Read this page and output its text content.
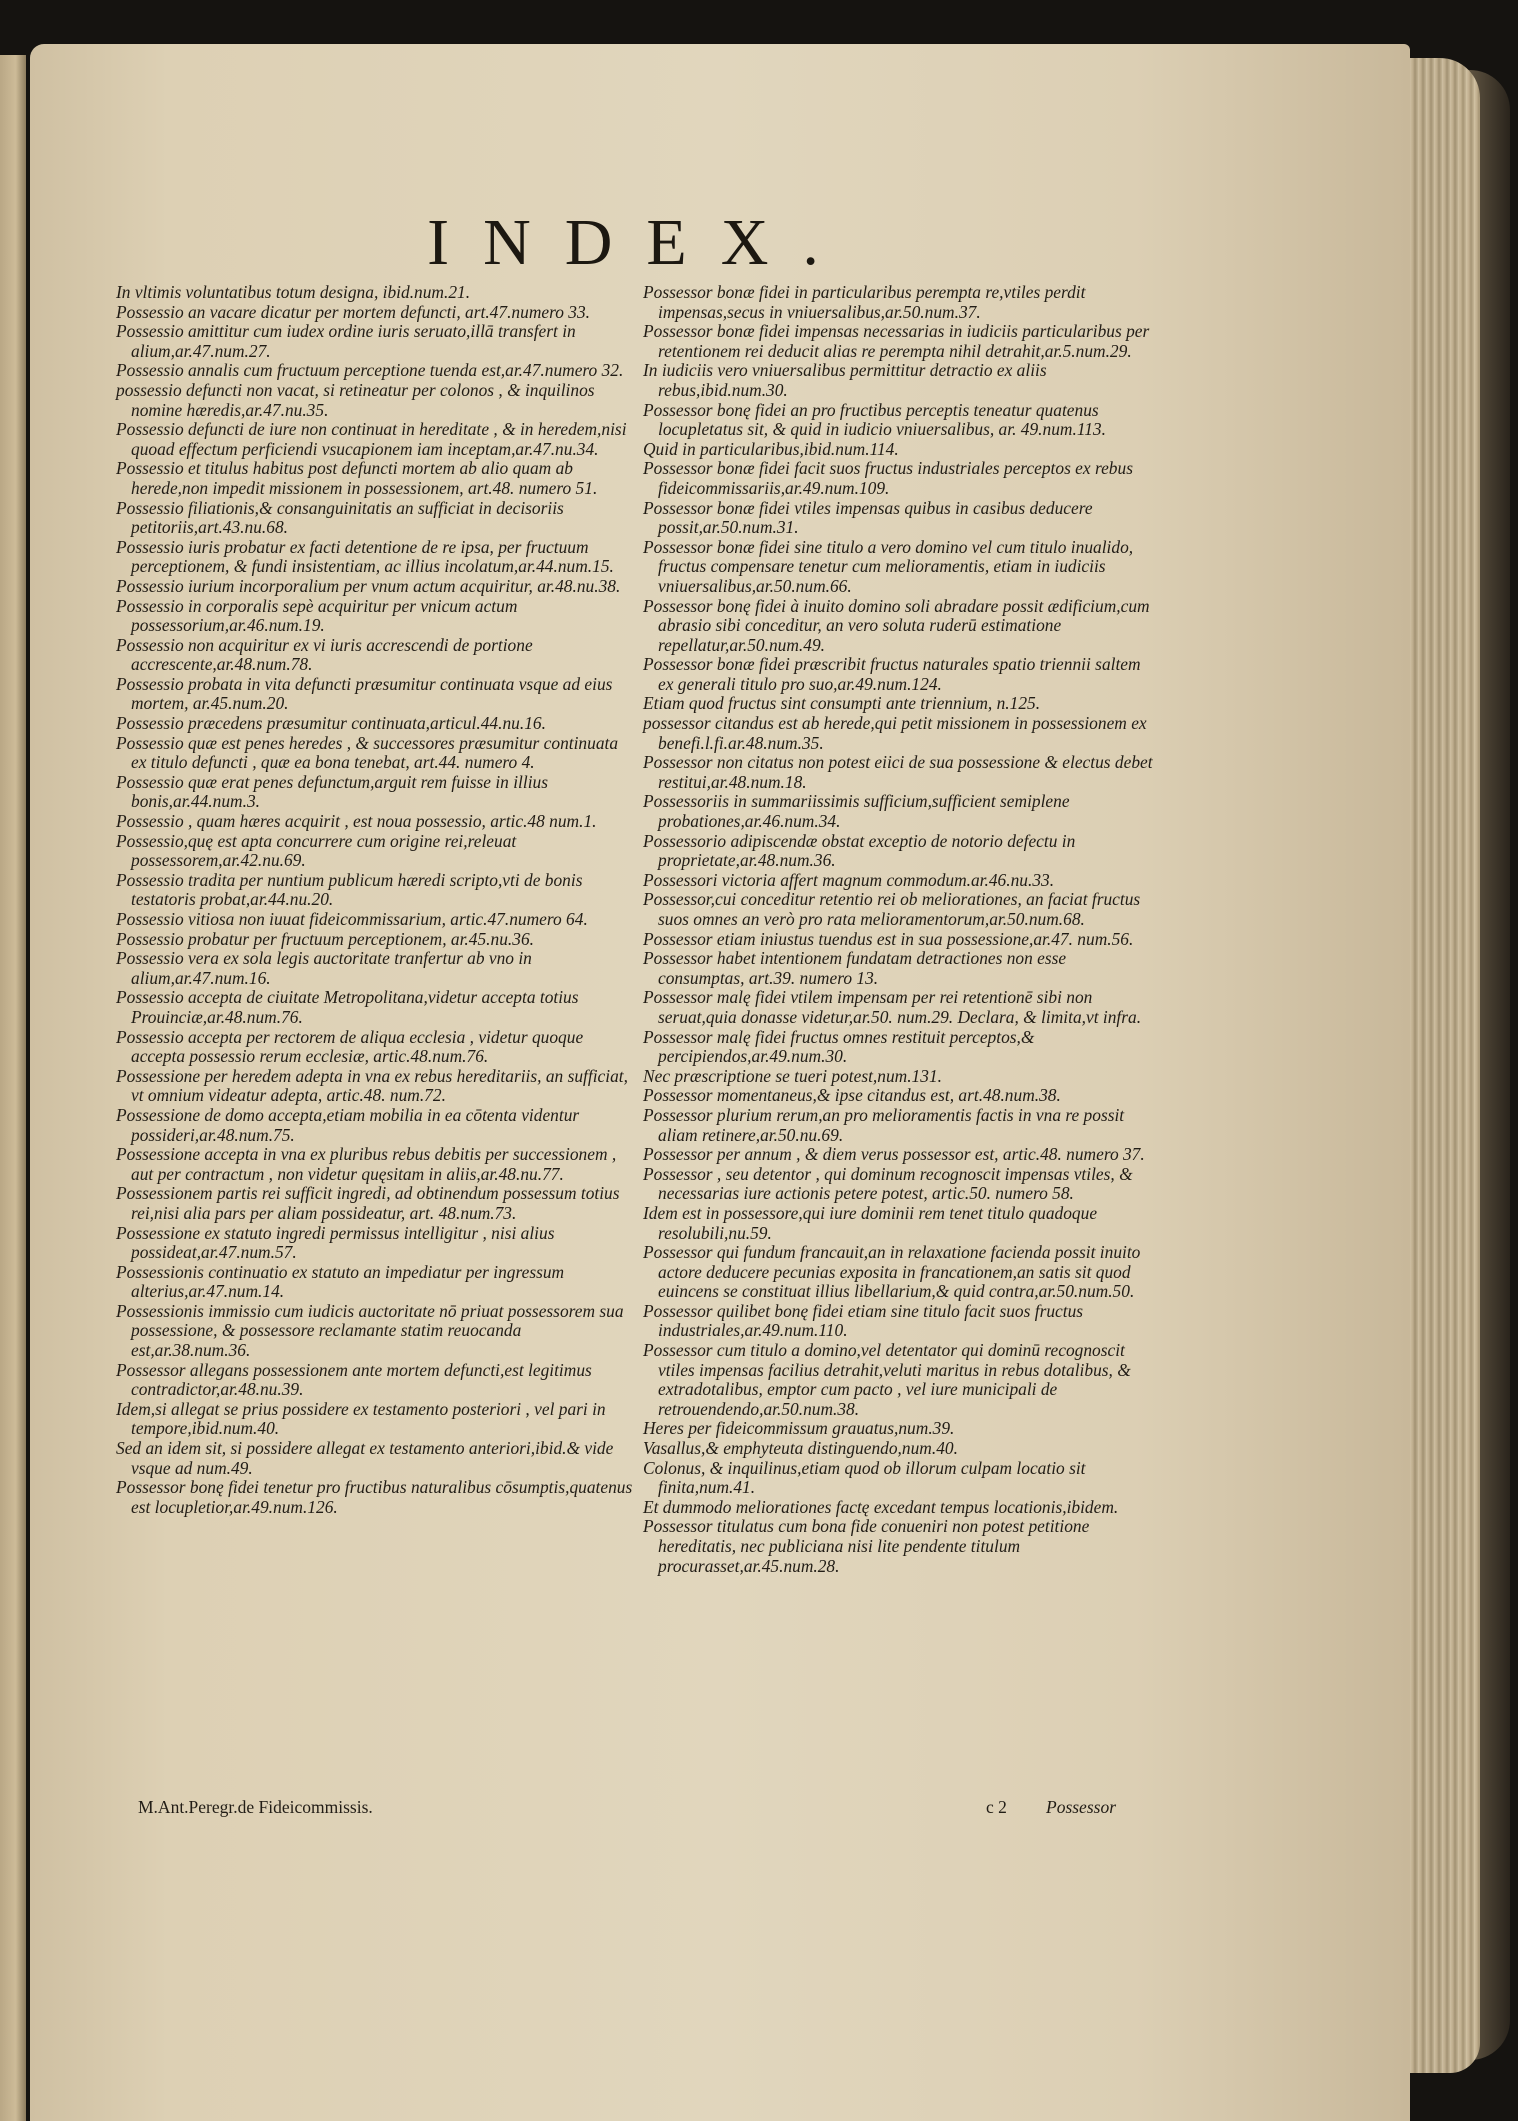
INDEX.

In vltimis voluntatibus totum designa, ibid.num.21.

Possessio an vacare dicatur per mortem defuncti, art.47.numero 33.

Possessio amittitur cum iudex ordine iuris seruato,illā transfert in alium,ar.47.num.27.

Possessio annalis cum fructuum perceptione tuenda est,ar.47.numero 32.

possessio defuncti non vacat, si retineatur per colonos , & inquilinos nomine hæredis,ar.47.nu.35.

Possessio defuncti de iure non continuat in hereditate , & in heredem,nisi quoad effectum perficiendi vsucapionem iam inceptam,ar.47.nu.34.

Possessio et titulus habitus post defuncti mortem ab alio quam ab herede,non impedit missionem in possessionem, art.48. numero 51.

Possessio filiationis,& consanguinitatis an sufficiat in decisoriis petitoriis,art.43.nu.68.

Possessio iuris probatur ex facti detentione de re ipsa, per fructuum perceptionem, & fundi insistentiam, ac illius incolatum,ar.44.num.15.

Possessio iurium incorporalium per vnum actum acquiritur, ar.48.nu.38.

Possessio in corporalis sepè acquiritur per vnicum actum possessorium,ar.46.num.19.

Possessio non acquiritur ex vi iuris accrescendi de portione accrescente,ar.48.num.78.

Possessio probata in vita defuncti præsumitur continuata vsque ad eius mortem, ar.45.num.20.

Possessio præcedens præsumitur continuata,articul.44.nu.16.

Possessio quæ est penes heredes , & successores præsumitur continuata ex titulo defuncti , quæ ea bona tenebat, art.44. numero 4.

Possessio quæ erat penes defunctum,arguit rem fuisse in illius bonis,ar.44.num.3.

Possessio , quam hæres acquirit , est noua possessio, artic.48 num.1.

Possessio,quę est apta concurrere cum origine rei,releuat possessorem,ar.42.nu.69.

Possessio tradita per nuntium publicum hæredi scripto,vti de bonis testatoris probat,ar.44.nu.20.

Possessio vitiosa non iuuat fideicommissarium, artic.47.numero 64.

Possessio probatur per fructuum perceptionem, ar.45.nu.36.

Possessio vera ex sola legis auctoritate tranfertur ab vno in alium,ar.47.num.16.

Possessio accepta de ciuitate Metropolitana,videtur accepta totius Prouinciæ,ar.48.num.76.

Possessio accepta per rectorem de aliqua ecclesia , videtur quoque accepta possessio rerum ecclesiæ, artic.48.num.76.

Possessione per heredem adepta in vna ex rebus hereditariis, an sufficiat, vt omnium videatur adepta, artic.48. num.72.

Possessione de domo accepta,etiam mobilia in ea cōtenta videntur possideri,ar.48.num.75.

Possessione accepta in vna ex pluribus rebus debitis per successionem , aut per contractum , non videtur quęsitam in aliis,ar.48.nu.77.

Possessionem partis rei sufficit ingredi, ad obtinendum possessum totius rei,nisi alia pars per aliam possideatur, art. 48.num.73.

Possessione ex statuto ingredi permissus intelligitur , nisi alius possideat,ar.47.num.57.

Possessionis continuatio ex statuto an impediatur per ingressum alterius,ar.47.num.14.

Possessionis immissio cum iudicis auctoritate nō priuat possessorem sua possessione, & possessore reclamante statim reuocanda est,ar.38.num.36.

Possessor allegans possessionem ante mortem defuncti,est legitimus contradictor,ar.48.nu.39.

Idem,si allegat se prius possidere ex testamento posteriori , vel pari in tempore,ibid.num.40.

Sed an idem sit, si possidere allegat ex testamento anteriori,ibid.& vide vsque ad num.49.

Possessor bonę fidei tenetur pro fructibus naturalibus cōsumptis,quatenus est locupletior,ar.49.num.126.

Possessor bonæ fidei in particularibus perempta re,vtiles perdit impensas,secus in vniuersalibus,ar.50.num.37.

Possessor bonæ fidei impensas necessarias in iudiciis particularibus per retentionem rei deducit alias re perempta nihil detrahit,ar.5.num.29.

In iudiciis vero vniuersalibus permittitur detractio ex aliis rebus,ibid.num.30.

Possessor bonę fidei an pro fructibus perceptis teneatur quatenus locupletatus sit, & quid in iudicio vniuersalibus, ar. 49.num.113.

Quid in particularibus,ibid.num.114.

Possessor bonæ fidei facit suos fructus industriales perceptos ex rebus fideicommissariis,ar.49.num.109.

Possessor bonæ fidei vtiles impensas quibus in casibus deducere possit,ar.50.num.31.

Possessor bonæ fidei sine titulo a vero domino vel cum titulo inualido, fructus compensare tenetur cum melioramentis, etiam in iudiciis vniuersalibus,ar.50.num.66.

Possessor bonę fidei à inuito domino soli abradare possit ædificium,cum abrasio sibi conceditur, an vero soluta ruderū estimatione repellatur,ar.50.num.49.

Possessor bonæ fidei præscribit fructus naturales spatio triennii saltem ex generali titulo pro suo,ar.49.num.124.

Etiam quod fructus sint consumpti ante triennium, n.125.

possessor citandus est ab herede,qui petit missionem in possessionem ex benefi.l.fi.ar.48.num.35.

Possessor non citatus non potest eiici de sua possessione & electus debet restitui,ar.48.num.18.

Possessoriis in summariissimis sufficium,sufficient semiplene probationes,ar.46.num.34.

Possessorio adipiscendæ obstat exceptio de notorio defectu in proprietate,ar.48.num.36.

Possessori victoria affert magnum commodum.ar.46.nu.33.

Possessor,cui conceditur retentio rei ob meliorationes, an faciat fructus suos omnes an verò pro rata melioramentorum,ar.50.num.68.

Possessor etiam iniustus tuendus est in sua possessione,ar.47. num.56.

Possessor habet intentionem fundatam detractiones non esse consumptas, art.39. numero 13.

Possessor malę fidei vtilem impensam per rei retentionē sibi non seruat,quia donasse videtur,ar.50. num.29. Declara, & limita,vt infra.

Possessor malę fidei fructus omnes restituit perceptos,& percipiendos,ar.49.num.30.

Nec præscriptione se tueri potest,num.131.

Possessor momentaneus,& ipse citandus est, art.48.num.38.

Possessor plurium rerum,an pro melioramentis factis in vna re possit aliam retinere,ar.50.nu.69.

Possessor per annum , & diem verus possessor est, artic.48. numero 37.

Possessor , seu detentor , qui dominum recognoscit impensas vtiles, & necessarias iure actionis petere potest, artic.50. numero 58.

Idem est in possessore,qui iure dominii rem tenet titulo quadoque resolubili,nu.59.

Possessor qui fundum francauit,an in relaxatione facienda possit inuito actore deducere pecunias exposita in francationem,an satis sit quod euincens se constituat illius libellarium,& quid contra,ar.50.num.50.

Possessor quilibet bonę fidei etiam sine titulo facit suos fructus industriales,ar.49.num.110.

Possessor cum titulo a domino,vel detentator qui dominū recognoscit vtiles impensas facilius detrahit,veluti maritus in rebus dotalibus, & extradotalibus, emptor cum pacto , vel iure municipali de retrouendendo,ar.50.num.38.

Heres per fideicommissum grauatus,num.39.

Vasallus,& emphyteuta distinguendo,num.40.

Colonus, & inquilinus,etiam quod ob illorum culpam locatio sit finita,num.41.

Et dummodo meliorationes factę excedant tempus locationis,ibidem.

Possessor titulatus cum bona fide conueniri non potest petitione hereditatis, nec publiciana nisi lite pendente titulum procurasset,ar.45.num.28.

M.Ant.Peregr.de Fideicommissis.	c 2 Possessor
